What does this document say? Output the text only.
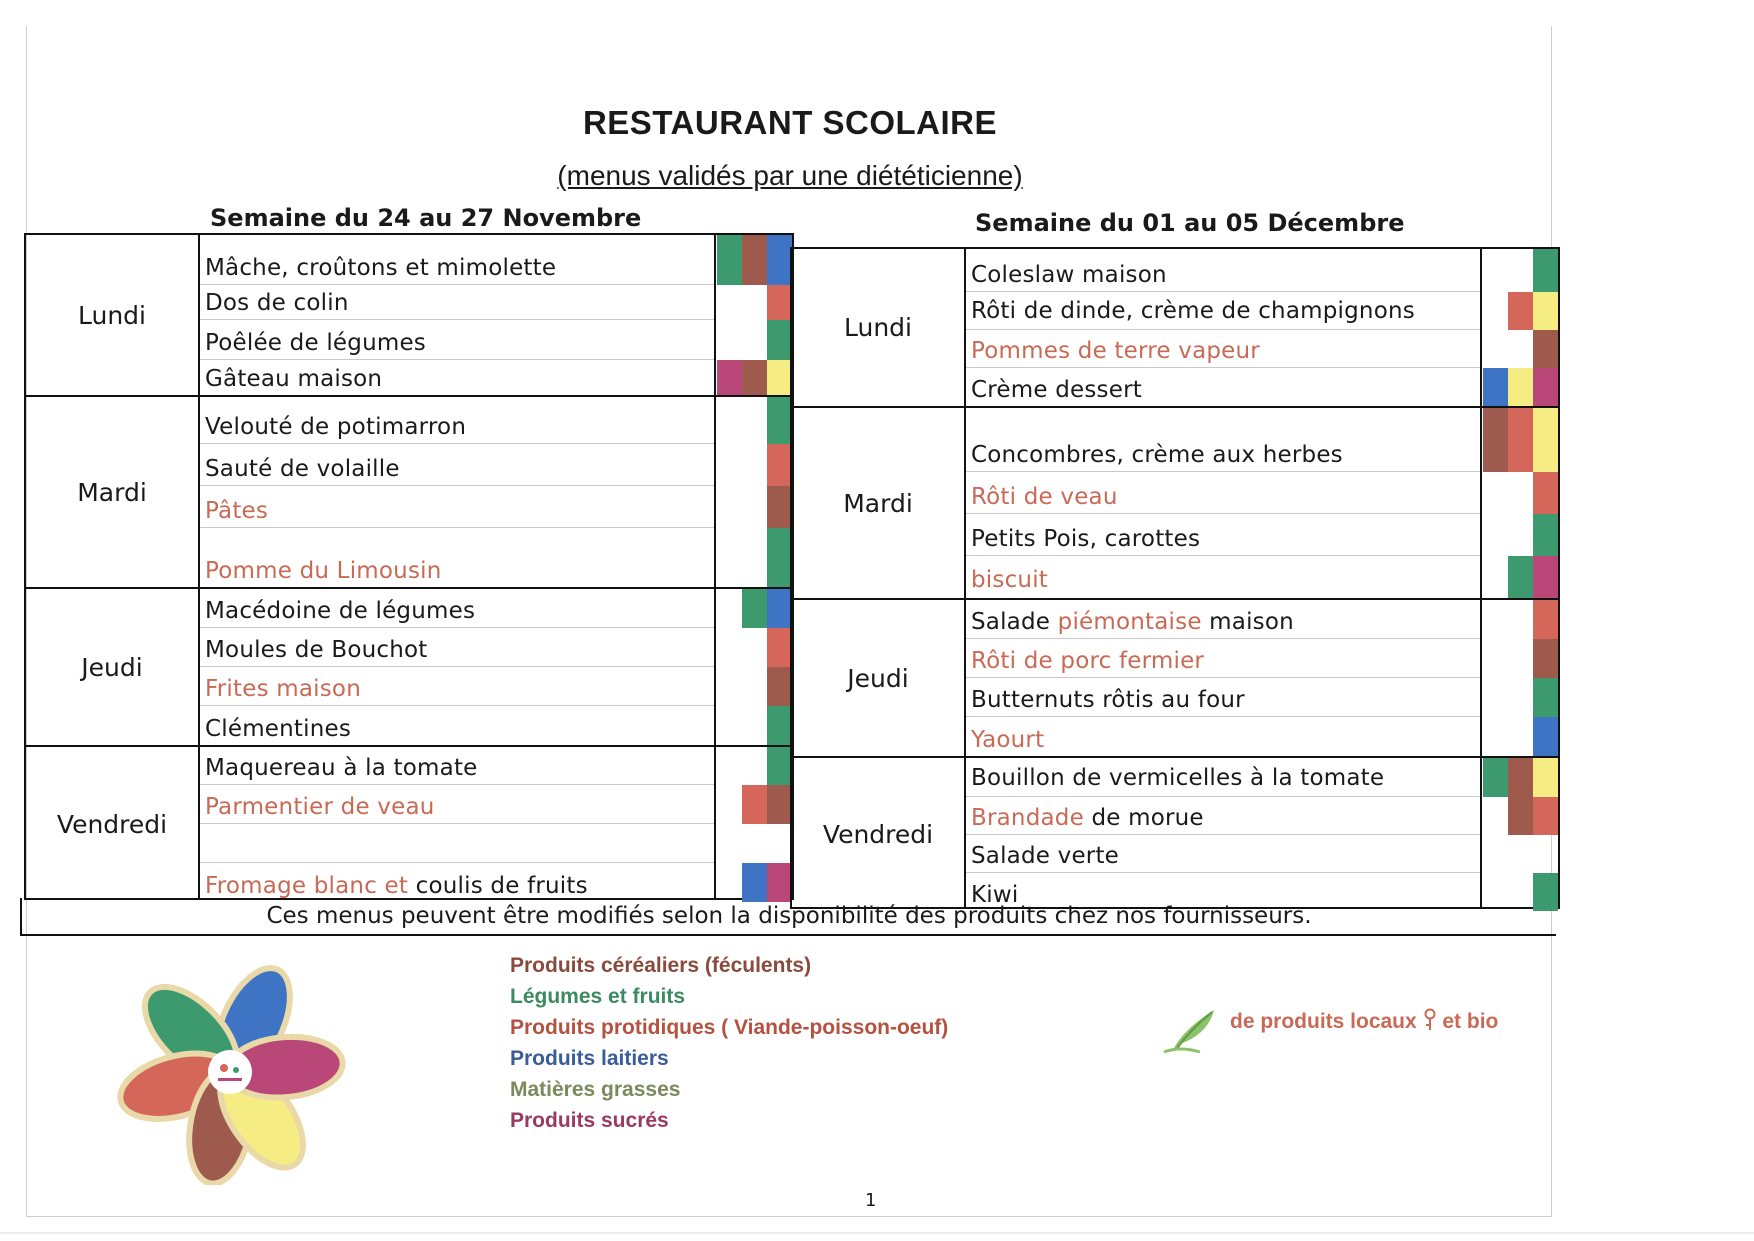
RESTAURANT SCOLAIRE
(menus validés par une diététicienne)
Semaine du 24 au 27 Novembre	Semaine du 01 au 05 Décembre
Lundi
Mâche, croûtons et mimolette
Dos de colin
Poêlée de légumes
Gâteau maison
Mardi
Velouté de potimarron
Sauté de volaille
Pâtes
Pomme du Limousin
Jeudi
Macédoine de légumes
Moules de Bouchot
Frites maison
Clémentines
Vendredi
Maquereau à la tomate
Parmentier de veau
Fromage blanc et coulis de fruits
Lundi
Coleslaw maison
Rôti de dinde, crème de champignons
Pommes de terre vapeur
Crème dessert
Mardi
Concombres, crème aux herbes
Rôti de veau
Petits Pois, carottes
biscuit
Jeudi
Salade piémontaise maison
Rôti de porc fermier
Butternuts rôtis au four
Yaourt
Vendredi
Bouillon de vermicelles à la tomate
Brandade de morue
Salade verte
Kiwi
Ces menus peuvent être modifiés selon la disponibilité des produits chez nos fournisseurs.
Produits céréaliers (féculents)
Légumes et fruits
Produits protidiques ( Viande-poisson-oeuf)
Produits laitiers
Matières grasses
Produits sucrés
de produits locaux  et bio
1
